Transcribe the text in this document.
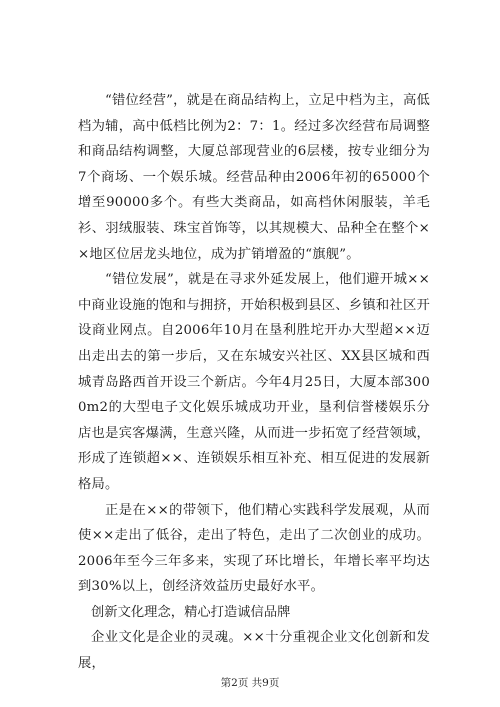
“错位经营”，就是在商品结构上，立足中档为主，高低档为辅，高中低档比例为2：7：1。经过多次经营布局调整和商品结构调整，大厦总部现营业的6层楼，按专业细分为7个商场、一个娱乐城。经营品种由2006年初的65000个增至90000多个。有些大类商品，如高档休闲服装，羊毛衫、羽绒服装、珠宝首饰等，以其规模大、品种全在整个××地区位居龙头地位，成为扩销增盈的“旗舰”。

“错位发展”，就是在寻求外延发展上，他们避开城××中商业设施的饱和与拥挤，开始积极到县区、乡镇和社区开设商业网点。自2006年10月在垦利胜坨开办大型超××迈出走出去的第一步后，又在东城安兴社区、XX县区城和西城青岛路西首开设三个新店。今年4月25日，大厦本部3000m2的大型电子文化娱乐城成功开业，垦利信誉楼娱乐分店也是宾客爆满，生意兴隆，从而进一步拓宽了经营领域，形成了连锁超××、连锁娱乐相互补充、相互促进的发展新格局。

正是在××的带领下，他们精心实践科学发展观，从而使××走出了低谷，走出了特色，走出了二次创业的成功。2006年至今三年多来，实现了环比增长，年增长率平均达到30%以上，创经济效益历史最好水平。

创新文化理念，精心打造诚信品牌

企业文化是企业的灵魂。××十分重视企业文化创新和发展，

第2页 共9页
